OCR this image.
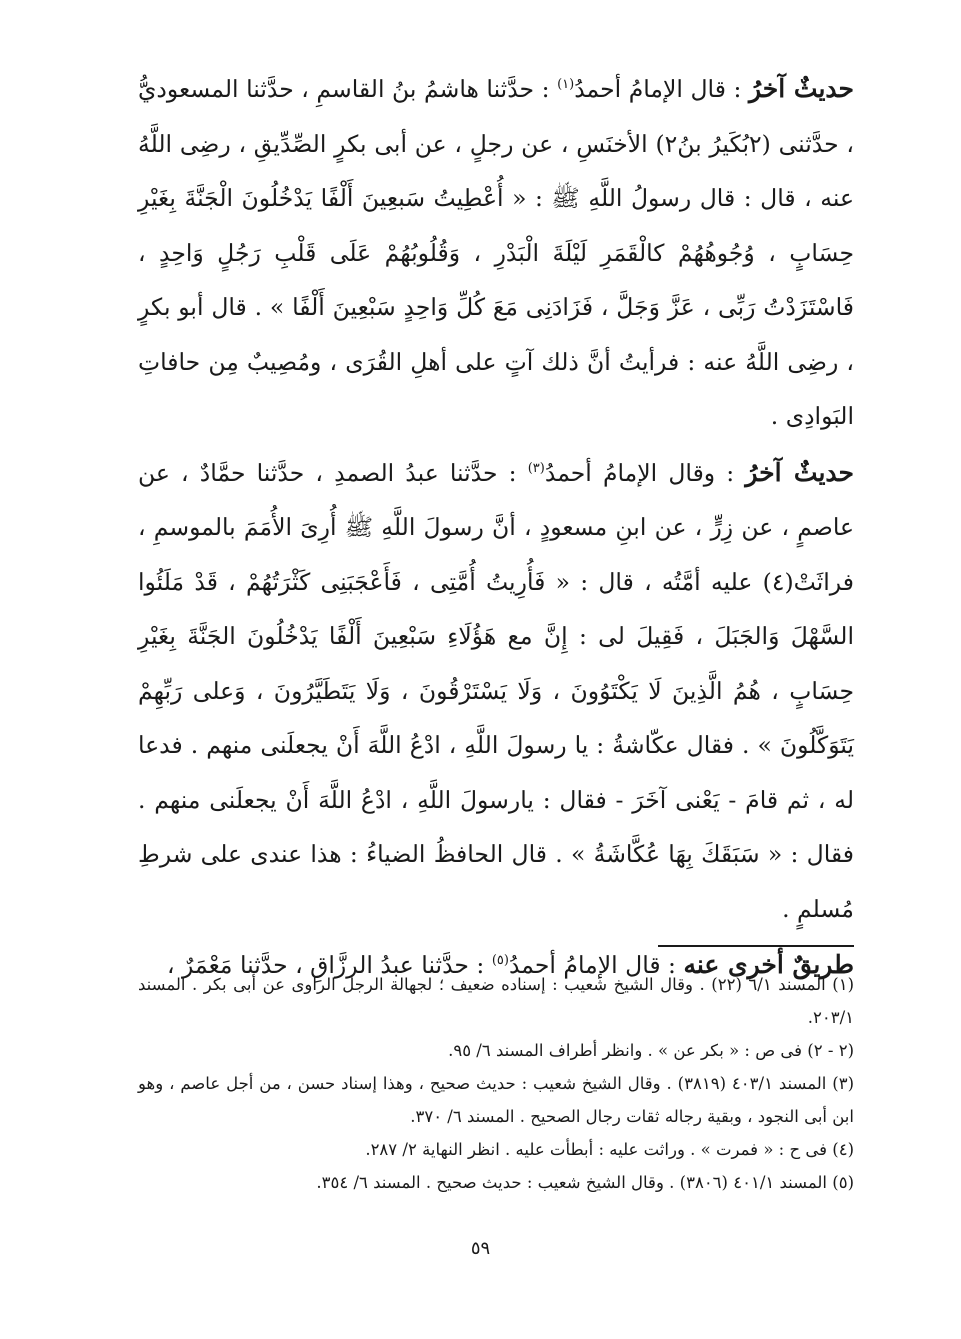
حديثٌ آخرُ : قال الإمامُ أحمدُ$^{(١)}$ : حدَّثنا هاشمُ بنُ القاسمِ ، حدَّثنا المسعوديُّ ، حدَّثنى (٢بُكَيرُ بنُ٢) الأخنَسِ ، عن رجلٍ ، عن أبى بكرٍ الصِّدِّيقِ ، رضِى اللَّهُ عنه ، قال : قال رسولُ اللَّهِ ﷺ : « أُعْطِيتُ سَبعِينَ أَلْفًا يَدْخُلُونَ الْجَنَّةَ بِغَيْرِ حِسَابٍ ، وُجُوهُهُمْ كالْقَمَرِ لَيْلَةَ الْبَدْرِ ، وَقُلُوبُهُمْ عَلَى قَلْبِ رَجُلٍ وَاحِدٍ ، فَاسْتَزَدْتُ رَبِّى ، عَزَّ وَجَلَّ ، فَزَادَنِى مَعَ كُلِّ وَاحِدٍ سَبْعِينَ أَلْفًا » . قال أبو بكرٍ ، رضِى اللَّهُ عنه : فرأيتُ أنَّ ذلك آتٍ على أهلِ القُرَى ، ومُصِيبٌ مِن حافاتِ البَوادِى .

حديثٌ آخرُ : وقال الإمامُ أحمدُ$^{(٣)}$ : حدَّثنا عبدُ الصمدِ ، حدَّثنا حمَّادٌ ، عن عاصمٍ ، عن زِرٍّ ، عن ابنِ مسعودٍ ، أنَّ رسولَ اللَّهِ ﷺ أُرِىَ الأُمَمَ بالموسمِ ، فراثَتْ(٤) عليه أمَّتُه ، قال : « فَأُرِيتُ أُمَّتِى ، فَأَعْجَبَنِى كَثْرَتُهُمْ ، قَدْ مَلَئُوا السَّهْلَ وَالجَبَلَ ، فَقِيلَ لى : إِنَّ مع هَؤُلَاءِ سَبْعِينَ أَلْفًا يَدْخُلُونَ الجَنَّةَ بِغَيْرِ حِسَابٍ ، هُمُ الَّذِينَ لَا يَكْتَوُونَ ، وَلَا يَسْتَرْقُونَ ، وَلَا يَتَطَيَّرُونَ ، وَعلى رَبِّهِمْ يَتَوَكَّلُونَ » . فقال عكّاشةُ : يا رسولَ اللَّهِ ، ادْعُ اللَّهَ أَنْ يجعلَنى منهم . فدعا له ، ثم قامَ - يَعْنى آخَرَ - فقال : يارسولَ اللَّهِ ، ادْعُ اللَّهَ أَنْ يجعلَنى منهم . فقال : « سَبَقَكَ بِهَا عُكَّاشَةُ » . قال الحافظُ الضياءُ : هذا عندى على شرطِ مُسلمٍ .

طريقٌ أخرى عنه : قال الإمامُ أحمدُ$^{(٥)}$ : حدَّثنا عبدُ الرزَّاقِ ، حدَّثنا مَعْمَرٌ ،

(١) المسند ٦/١ (٢٢) . وقال الشيخ شعيب : إسناده ضعيف ؛ لجهالة الرجل الراوى عن أبى بكر . المسند ٢٠٣/١.

(٢ - ٢) فى ص : « بكر عن » . وانظر أطراف المسند ٦/ ٩٥.

(٣) المسند ٤٠٣/١ (٣٨١٩) . وقال الشيخ شعيب : حديث صحيح ، وهذا إسناد حسن ، من أجل عاصم ، وهو ابن أبى النجود ، وبقية رجاله ثقات رجال الصحيح . المسند ٦/ ٣٧٠.

(٤) فى ح : « فمرت » . وراثت عليه : أبطأت عليه . انظر النهاية ٢/ ٢٨٧.

(٥) المسند ٤٠١/١ (٣٨٠٦) . وقال الشيخ شعيب : حديث صحيح . المسند ٦/ ٣٥٤.

٥٩
